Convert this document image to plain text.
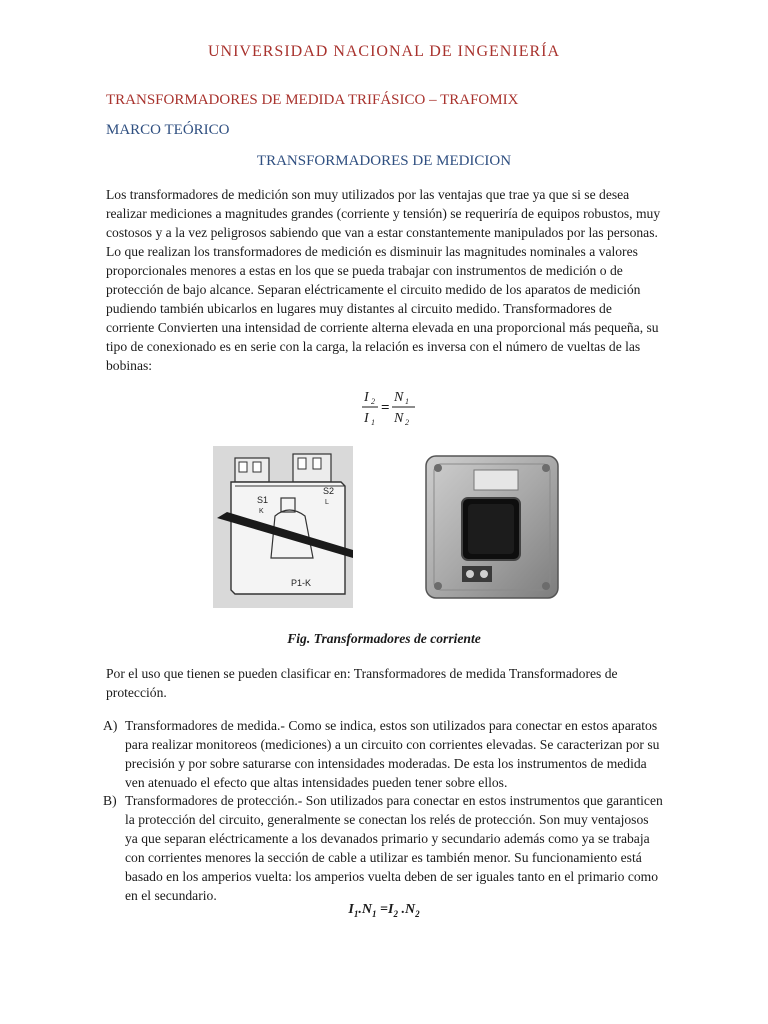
UNIVERSIDAD NACIONAL DE INGENIERÍA
TRANSFORMADORES DE MEDIDA TRIFÁSICO – TRAFOMIX
MARCO TEÓRICO
TRANSFORMADORES DE MEDICION
Los transformadores de medición son muy utilizados por las ventajas que trae ya que si se desea realizar mediciones a magnitudes grandes (corriente y tensión) se requeriría de equipos robustos, muy costosos y a la vez peligrosos sabiendo que van a estar constantemente manipulados por las personas. Lo que realizan los transformadores de medición es disminuir las magnitudes nominales a valores proporcionales menores a estas en los que se pueda trabajar con instrumentos de medición o de protección de bajo alcance. Separan eléctricamente el circuito medido de los aparatos de medición pudiendo también ubicarlos en lugares muy distantes al circuito medido. Transformadores de corriente Convierten una intensidad de corriente alterna elevada en una proporcional más pequeña, su tipo de conexionado es en serie con la carga, la relación es inversa con el número de vueltas de las bobinas:
I 2
I 1
=
N 1
N 2
S1
K
S2
L
P1-K
Fig. Transformadores de corriente
Por el uso que tienen se pueden clasificar en: Transformadores de medida Transformadores de protección.
A) Transformadores de medida.- Como se indica, estos son utilizados para conectar en estos aparatos para realizar monitoreos (mediciones) a un circuito con corrientes elevadas. Se caracterizan por su precisión y por sobre saturarse con intensidades moderadas. De esta los instrumentos de medida ven atenuado el efecto que altas intensidades pueden tener sobre ellos.
B) Transformadores de protección.- Son utilizados para conectar en estos instrumentos que garanticen la protección del circuito, generalmente se conectan los relés de protección. Son muy ventajosos ya que separan eléctricamente a los devanados primario y secundario además como ya se trabaja con corrientes menores la sección de cable a utilizar es también menor. Su funcionamiento está basado en los amperios vuelta: los amperios vuelta deben de ser iguales tanto en el primario como en el secundario.
$I_1.N_1 =I_2$ $.N_2$
